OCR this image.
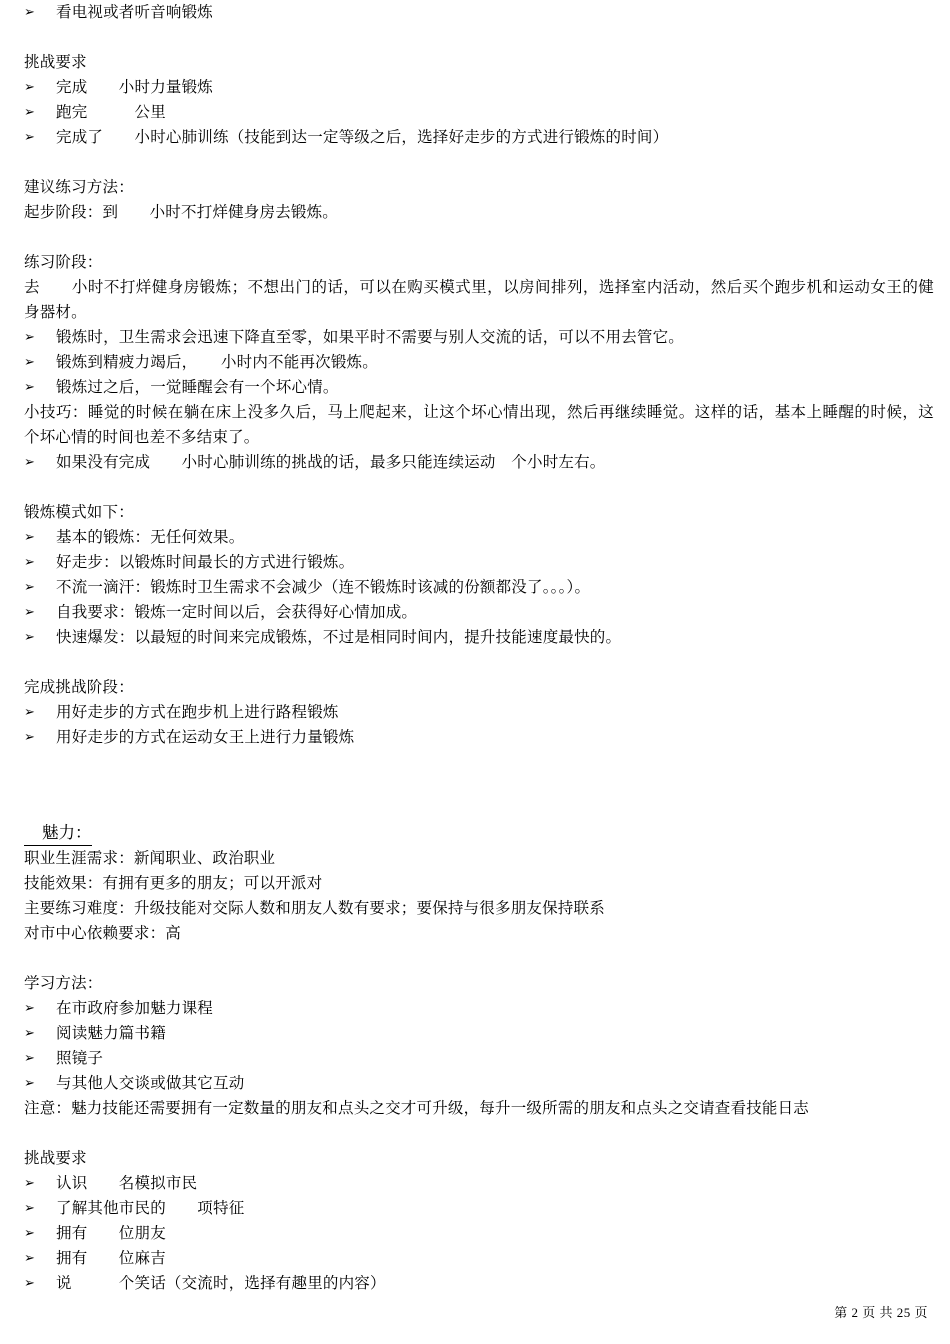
➢	看电视或者听音响锻炼
挑战要求
➢	完成　　小时力量锻炼
➢	跑完　　　公里
➢	完成了　　小时心肺训练（技能到达一定等级之后，选择好走步的方式进行锻炼的时间）
建议练习方法：
起步阶段：到　　小时不打烊健身房去锻炼。
练习阶段：
去　　小时不打烊健身房锻炼；不想出门的话，可以在购买模式里，以房间排列，选择室内活动，然后买个跑步机和运动女王的健身器材。
➢	锻炼时，卫生需求会迅速下降直至零，如果平时不需要与别人交流的话，可以不用去管它。
➢	锻炼到精疲力竭后，　　小时内不能再次锻炼。
➢	锻炼过之后，一觉睡醒会有一个坏心情。
小技巧：睡觉的时候在躺在床上没多久后，马上爬起来，让这个坏心情出现，然后再继续睡觉。这样的话，基本上睡醒的时候，这个坏心情的时间也差不多结束了。
➢	如果没有完成　　小时心肺训练的挑战的话，最多只能连续运动　个小时左右。
锻炼模式如下：
➢	基本的锻炼：无任何效果。
➢	好走步：以锻炼时间最长的方式进行锻炼。
➢	不流一滴汗：锻炼时卫生需求不会减少（连不锻炼时该减的份额都没了。。。）。
➢	自我要求：锻炼一定时间以后，会获得好心情加成。
➢	快速爆发：以最短的时间来完成锻炼，不过是相同时间内，提升技能速度最快的。
完成挑战阶段：
➢	用好走步的方式在跑步机上进行路程锻炼
➢	用好走步的方式在运动女王上进行力量锻炼
魅力：
职业生涯需求：新闻职业、政治职业
技能效果：有拥有更多的朋友；可以开派对
主要练习难度：升级技能对交际人数和朋友人数有要求；要保持与很多朋友保持联系
对市中心依赖要求：高
学习方法：
➢	在市政府参加魅力课程
➢	阅读魅力篇书籍
➢	照镜子
➢	与其他人交谈或做其它互动
注意：魅力技能还需要拥有一定数量的朋友和点头之交才可升级，每升一级所需的朋友和点头之交请查看技能日志
挑战要求
➢	认识　　名模拟市民
➢	了解其他市民的　　项特征
➢	拥有　　位朋友
➢	拥有　　位麻吉
➢	说　　　个笑话（交流时，选择有趣里的内容）
第 2 页 共 25 页
